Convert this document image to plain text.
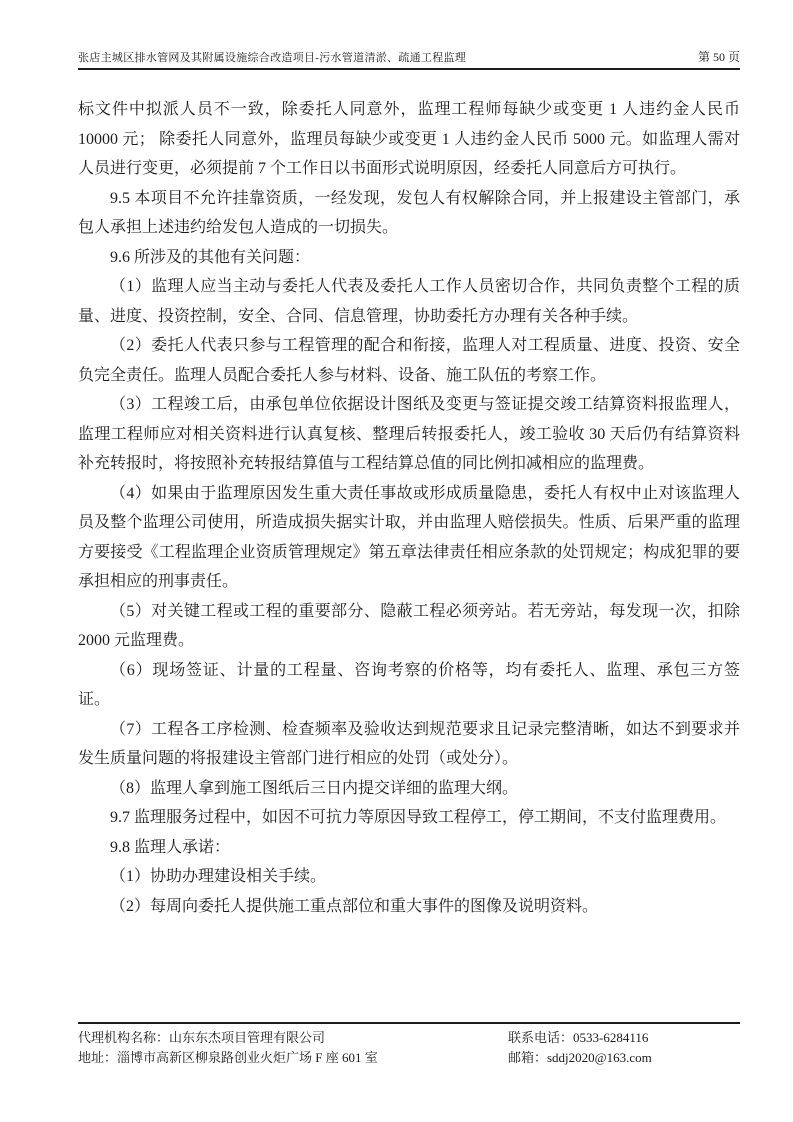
张店主城区排水管网及其附属设施综合改造项目-污水管道清淤、疏通工程监理	第 50 页

标文件中拟派人员不一致，除委托人同意外，监理工程师每缺少或变更 1 人违约金人民币 10000 元； 除委托人同意外，监理员每缺少或变更 1 人违约金人民币 5000 元。如监理人需对人员进行变更，必须提前 7 个工作日以书面形式说明原因，经委托人同意后方可执行。

9.5 本项目不允许挂靠资质，一经发现，发包人有权解除合同，并上报建设主管部门，承包人承担上述违约给发包人造成的一切损失。

9.6 所涉及的其他有关问题：

（1）监理人应当主动与委托人代表及委托人工作人员密切合作，共同负责整个工程的质量、进度、投资控制，安全、合同、信息管理，协助委托方办理有关各种手续。

（2）委托人代表只参与工程管理的配合和衔接，监理人对工程质量、进度、投资、安全负完全责任。监理人员配合委托人参与材料、设备、施工队伍的考察工作。

（3）工程竣工后，由承包单位依据设计图纸及变更与签证提交竣工结算资料报监理人，监理工程师应对相关资料进行认真复核、整理后转报委托人，竣工验收 30 天后仍有结算资料补充转报时，将按照补充转报结算值与工程结算总值的同比例扣减相应的监理费。

（4）如果由于监理原因发生重大责任事故或形成质量隐患，委托人有权中止对该监理人员及整个监理公司使用，所造成损失据实计取，并由监理人赔偿损失。性质、后果严重的监理方要接受《工程监理企业资质管理规定》第五章法律责任相应条款的处罚规定；构成犯罪的要承担相应的刑事责任。

（5）对关键工程或工程的重要部分、隐蔽工程必须旁站。若无旁站，每发现一次，扣除 2000 元监理费。

（6）现场签证、计量的工程量、咨询考察的价格等，均有委托人、监理、承包三方签证。

（7）工程各工序检测、检查频率及验收达到规范要求且记录完整清晰，如达不到要求并发生质量问题的将报建设主管部门进行相应的处罚（或处分）。

（8）监理人拿到施工图纸后三日内提交详细的监理大纲。

9.7 监理服务过程中，如因不可抗力等原因导致工程停工，停工期间，不支付监理费用。

9.8 监理人承诺：

（1）协助办理建设相关手续。

（2）每周向委托人提供施工重点部位和重大事件的图像及说明资料。

代理机构名称：山东东杰项目管理有限公司
地址：淄博市高新区柳泉路创业火炬广场 F 座 601 室
联系电话：0533-6284116
邮箱：sddj2020@163.com
